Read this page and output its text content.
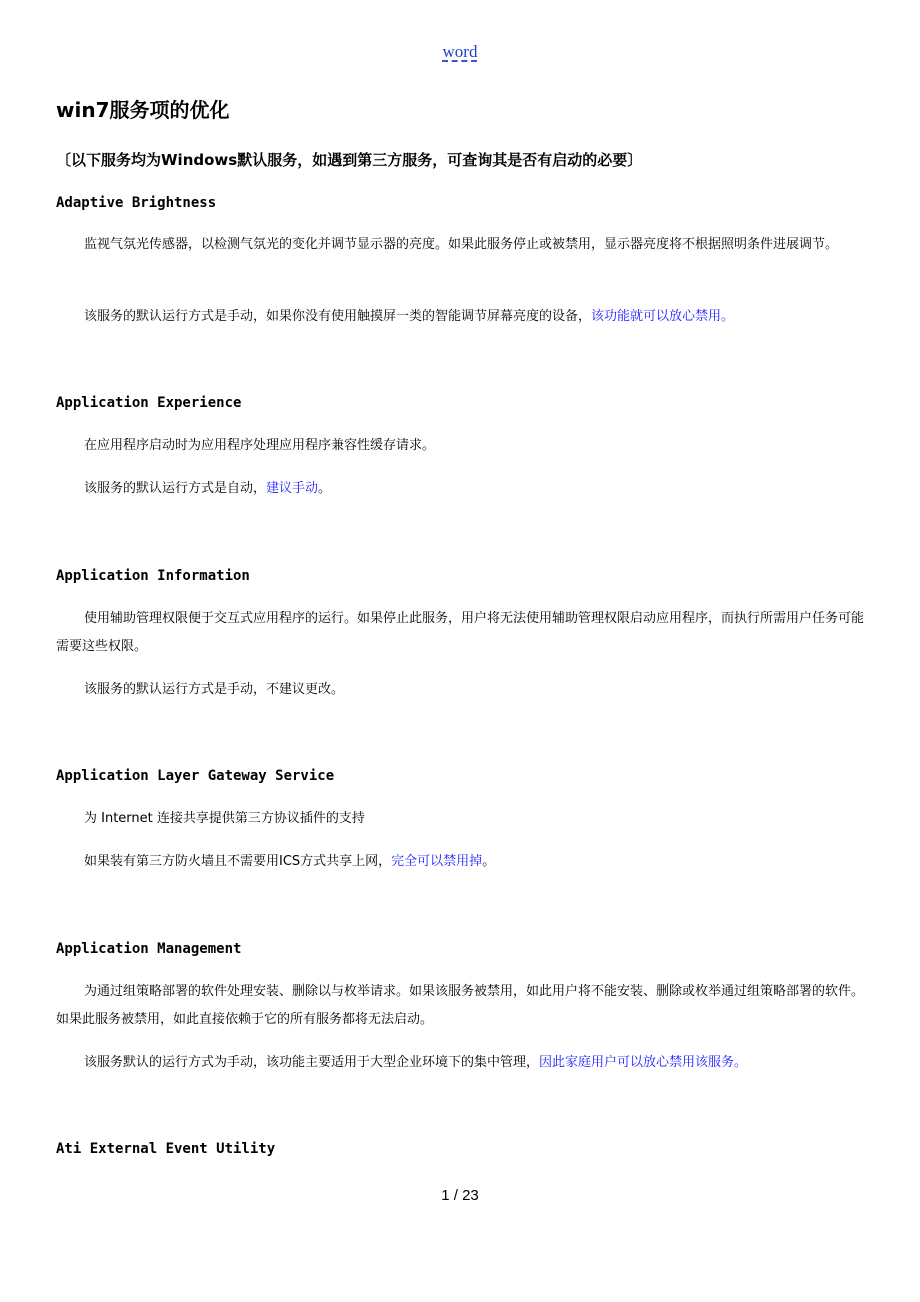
word
win7服务项的优化

〔以下服务均为Windows默认服务，如遇到第三方服务，可查询其是否有启动的必要〕

Adaptive Brightness

监视气氛光传感器，以检测气氛光的变化并调节显示器的亮度。如果此服务停止或被禁用，显示器亮度将不根据照明条件进展调节。

该服务的默认运行方式是手动，如果你没有使用触摸屏一类的智能调节屏幕亮度的设备，该功能就可以放心禁用。

Application Experience

在应用程序启动时为应用程序处理应用程序兼容性缓存请求。

该服务的默认运行方式是自动，建议手动。

Application Information

使用辅助管理权限便于交互式应用程序的运行。如果停止此服务，用户将无法使用辅助管理权限启动应用程序，而执行所需用户任务可能需要这些权限。

该服务的默认运行方式是手动，不建议更改。

Application Layer Gateway Service

为 Internet 连接共享提供第三方协议插件的支持

如果装有第三方防火墙且不需要用ICS方式共享上网，完全可以禁用掉。

Application Management

为通过组策略部署的软件处理安装、删除以与枚举请求。如果该服务被禁用，如此用户将不能安装、删除或枚举通过组策略部署的软件。如果此服务被禁用，如此直接依赖于它的所有服务都将无法启动。

该服务默认的运行方式为手动，该功能主要适用于大型企业环境下的集中管理，因此家庭用户可以放心禁用该服务。

Ati External Event Utility

1 / 23
